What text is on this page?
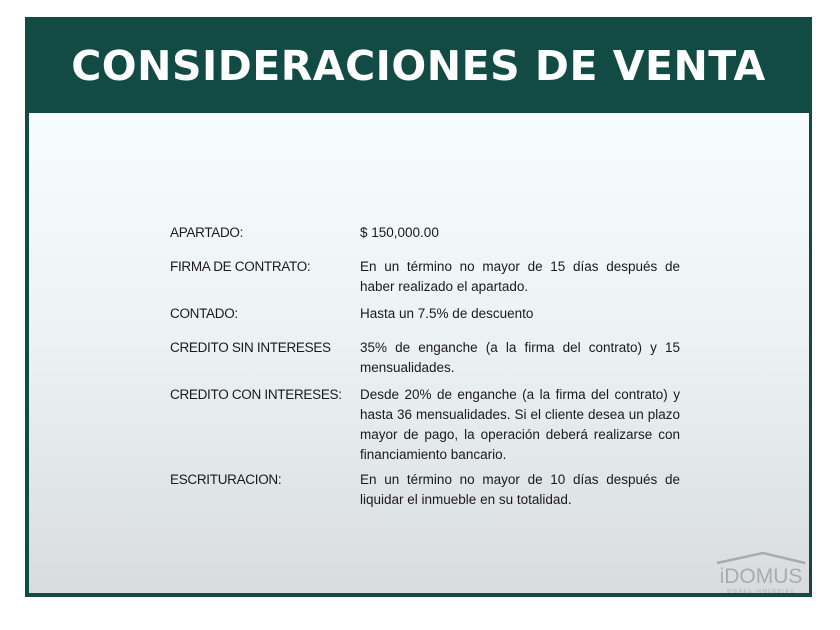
CONSIDERACIONES DE VENTA
APARTADO:	$ 150,000.00
FIRMA DE CONTRATO:	En un término no mayor de 15 días después de haber realizado el apartado.
CONTADO:	Hasta un 7.5% de descuento
CREDITO SIN INTERESES	35% de enganche (a la firma del contrato) y 15 mensualidades.
CREDITO CON INTERESES:	Desde 20% de enganche (a la firma del contrato) y hasta 36 mensualidades. Si el cliente desea un plazo mayor de pago, la operación deberá realizarse con financiamiento bancario.
ESCRITURACION:	En un término no mayor de 10 días después de liquidar el inmueble en su totalidad.
iDOMUS
BIENES INMUEBLES
